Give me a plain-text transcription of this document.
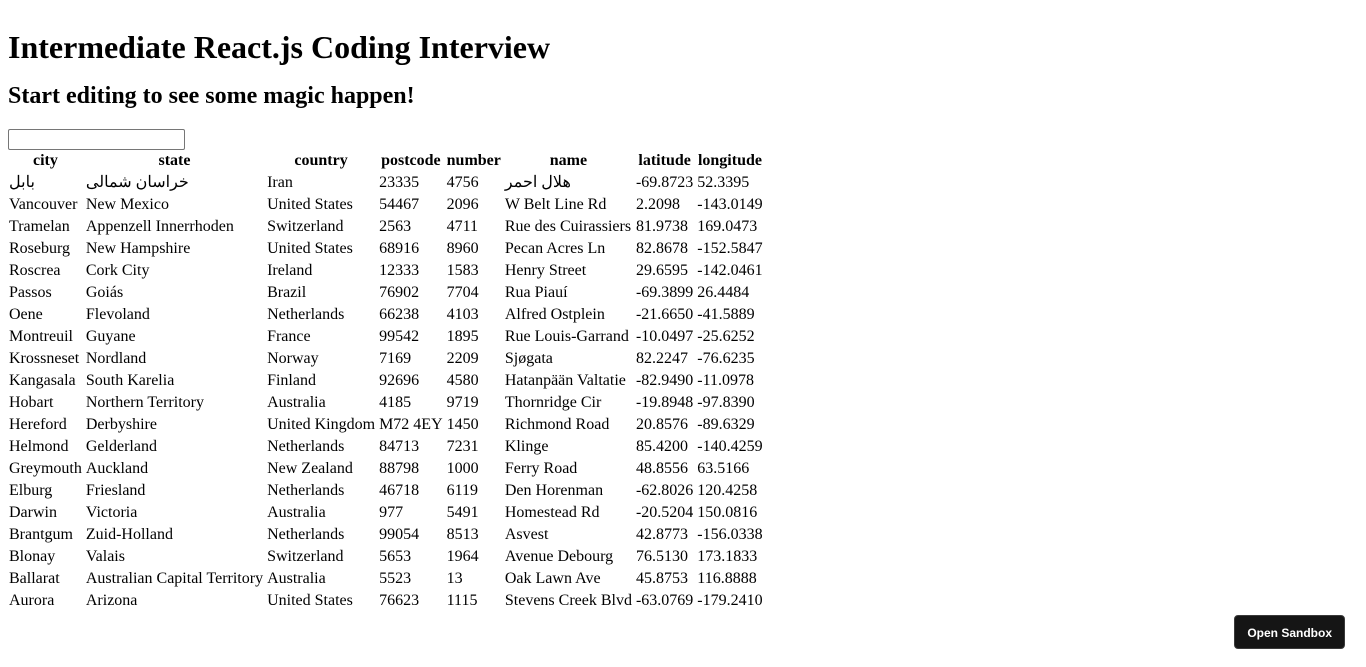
Intermediate React.js Coding Interview
Start editing to see some magic happen!
city	state	country	postcode	number	name	latitude	longitude
بابل	خراسان شمالی	Iran	23335	4756	هلال احمر	-69.8723	52.3395
Vancouver	New Mexico	United States	54467	2096	W Belt Line Rd	2.2098	-143.0149
Tramelan	Appenzell Innerrhoden	Switzerland	2563	4711	Rue des Cuirassiers	81.9738	169.0473
Roseburg	New Hampshire	United States	68916	8960	Pecan Acres Ln	82.8678	-152.5847
Roscrea	Cork City	Ireland	12333	1583	Henry Street	29.6595	-142.0461
Passos	Goiás	Brazil	76902	7704	Rua Piauí	-69.3899	26.4484
Oene	Flevoland	Netherlands	66238	4103	Alfred Ostplein	-21.6650	-41.5889
Montreuil	Guyane	France	99542	1895	Rue Louis-Garrand	-10.0497	-25.6252
Krossneset	Nordland	Norway	7169	2209	Sjøgata	82.2247	-76.6235
Kangasala	South Karelia	Finland	92696	4580	Hatanpään Valtatie	-82.9490	-11.0978
Hobart	Northern Territory	Australia	4185	9719	Thornridge Cir	-19.8948	-97.8390
Hereford	Derbyshire	United Kingdom	M72 4EY	1450	Richmond Road	20.8576	-89.6329
Helmond	Gelderland	Netherlands	84713	7231	Klinge	85.4200	-140.4259
Greymouth	Auckland	New Zealand	88798	1000	Ferry Road	48.8556	63.5166
Elburg	Friesland	Netherlands	46718	6119	Den Horenman	-62.8026	120.4258
Darwin	Victoria	Australia	977	5491	Homestead Rd	-20.5204	150.0816
Brantgum	Zuid-Holland	Netherlands	99054	8513	Asvest	42.8773	-156.0338
Blonay	Valais	Switzerland	5653	1964	Avenue Debourg	76.5130	173.1833
Ballarat	Australian Capital Territory	Australia	5523	13	Oak Lawn Ave	45.8753	116.8888
Aurora	Arizona	United States	76623	1115	Stevens Creek Blvd	-63.0769	-179.2410
Open Sandbox
